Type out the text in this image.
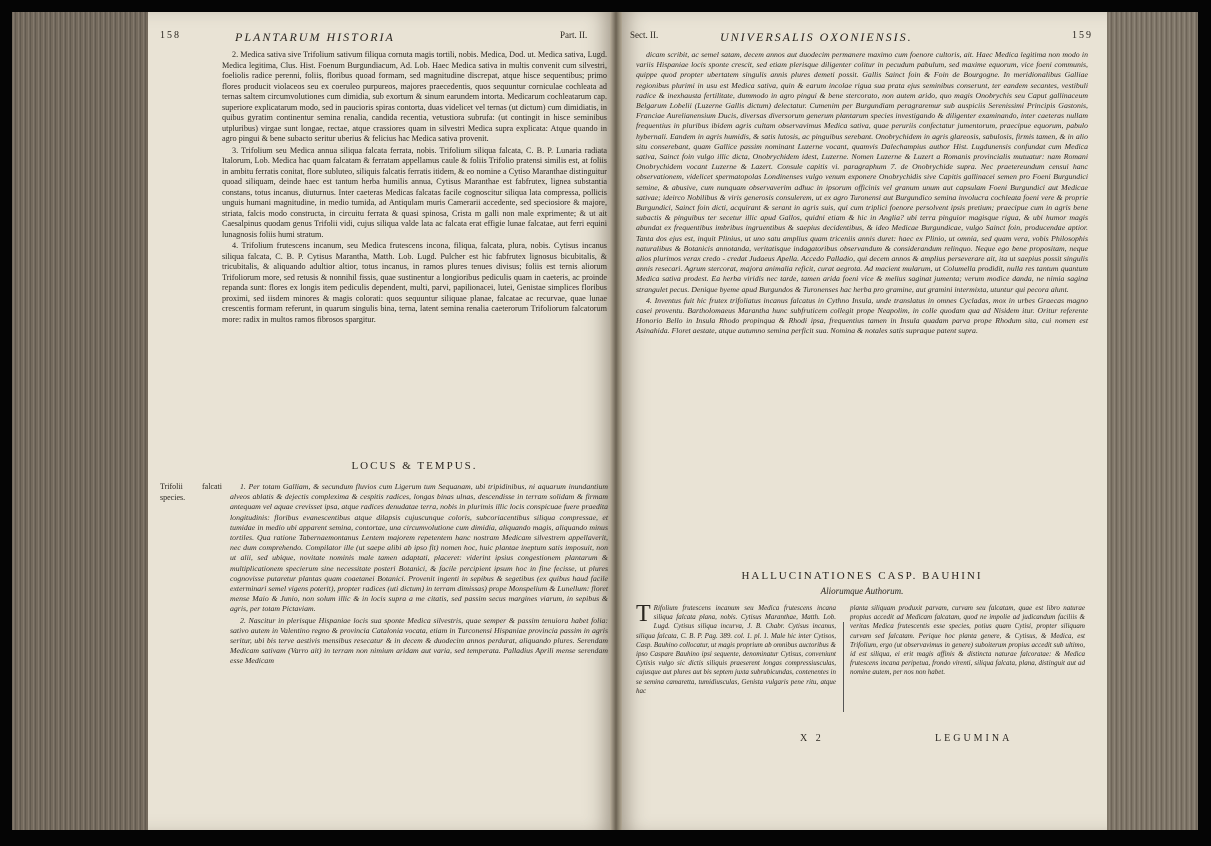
158	PLANTARUM HISTORIA	Part. II.

2. Medica sativa sive Trifolium sativum filiqua cornuta magis tortili, nobis. Medica, Dod. ut. Medica sativa, Lugd. Medica legitima, Clus. Hist. Foenum Burgundiacum, Ad. Lob. Haec Medica sativa in multis convenit cum silvestri, foeliolis radice perenni, foliis, floribus quoad formam, sed magnitudine discrepat, atque hisce sequentibus; primo flores producit violaceos seu ex coeruleo purpureos, majores praecedentis, quos sequuntur corniculae cochleata ad ternas saltem circumvolutiones cum dimidia, sub exortum & sinum earundem intorta. Medicarum cochleatarum cap. superiore explicatarum modo, sed in paucioris spiras contorta, duas videlicet vel ternas (ut dictum) cum dimidiatis, in quibus gyratim continentur semina renalia, candida recentia, vetustiora subrufa: (ut contingit in hisce seminibus utpluribus) virgae sunt longae, rectae, atque crassiores quam in silvestri Medica supra explicata: Atque quando in agro pingui & bene subacto seritur uberius & felicius hac Medica sativa provenit.

3. Trifolium seu Medica annua siliqua falcata ferrata, nobis. Trifolium siliqua falcata, C. B. P. Lunaria radiata Italorum, Lob. Medica hac quam falcatam & ferratam appellamus caule & foliis Trifolio pratensi similis est, at foliis in ambitu ferratis conitat, flore subluteo, siliquis falcatis ferratis itidem, & eo nomine a Cytiso Maranthae distinguitur quoad siliquam, deinde haec est tantum herba humilis annua, Cytisus Maranthae est fabfrutex, lignea substantia constans, totus incanus, diuturnus. Inter caeteras Medicas falcatas facile cognoscitur siliqua lata compressa, pollicis unguis humani magnitudine, in medio tumida, ad Antiqulam muris Camerarii accedente, sed speciosiore & majore, striata, falcis modo constructa, in circuitu ferrata & quasi spinosa, Crista m galli non male exprimente; & ut ait Caesalpinus quodam genus Trifolii vidi, cujus siliqua valde lata ac falcata erat effigie lunae falcatae, aut ferri equini lunagnosis foliis humi stratum.

4. Trifolium frutescens incanum, seu Medica frutescens incona, filiqua, falcata, plura, nobis. Cytisus incanus siliqua falcata, C. B. P. Cytisus Marantha, Matth. Lob. Lugd. Pulcher est hic fabfrutex lignosus bicubitalis, & tricubitalis, & aliquando adultior altior, totus incanus, in ramos plures tenues divisus; foliis est ternis aliorum Trifoliorum more, sed retusis & nonnihil fissis, quae sustinentur a longioribus pediculis quam in caeteris, ac proinde repanda sunt: flores ex longis item pediculis dependent, multi, parvi, papilionacei, lutei, Genistae simplices floribus proximi, sed iisdem minores & magis colorati: quos sequuntur siliquae planae, falcatae ac recurvae, quae lunae crescentis formam referunt, in quarum singulis bina, terna, latent semina renalia caeterorum Trifoliorum falcatorum more: radix in multos ramos fibrosos spargitur.

LOCUS & TEMPUS.
Trifolii falcati species.

1. Per totam Galliam, & secundum fluvios cum Ligerum tum Sequanam, ubi tripidinibus, ni aquarum inundantium alveos ablatis & dejectis complexima & cespitis radices, longas binas ulnas, descendisse in terram solidam & firmam antequam vel aquae crevisset ipsa, atque radices denudatae terra, nobis in plurimis illic locis conspicuae fuere praedita longitudinis: floribus evanescentibus atque dilapsis cujuscunque coloris, subcoriacentibus siliqua compressae, et tumidae in medio ubi apparent semina, contortae, una circumvolutione cum dimidia, aliquando magis, aliquando minus tortiles. Qua ratione Tabernaemontanus Lentem majorem repetentem hanc nostram Medicam silvestrem appellaverit, nec dum comprehendo. Compilator ille (ut saepe alibi ab ipso fit) nomen hoc, huic plantae ineptum satis imposuit, non ut alii, sed ubique, novitate nominis male tamen adaptati, placeret: viderint ipsius congestionem plantarum & multiplicationem specierum sine necessitate posteri Botanici, & facile percipient ipsum hoc in fine fecisse, ut plures cognovisse putaretur plantas quam coaetanei Botanici. Provenit ingenti in sepibus & segetibus (ex quibus haud facile exterminari semel vigens poterit), propter radices (uti dictum) in terram dimissas) prope Monspelium & Lunellum: floret mense Maio & Junio, non solum illic & in locis supra a me citatis, sed passim secus margines viarum, in sepibus & agris, per totam Pictaviam.

2. Nascitur in plerisque Hispaniae locis sua sponte Medica silvestris, quae semper & passim tenuiora habet folia: sativo autem in Valentino regno & provincia Catalonia vocata, etiam in Turconensi Hispaniae provincia passim in agris seritur, ubi bis terve aestivis mensibus resecatur & in decem & duodecim annos perdurat, aliquando plures. Serendam Medicam sativam (Varro ait) in terram non nimium aridam aut varia, sed temperata. Palladius Aprili mense serendam esse Medicam

Sect. II.	UNIVERSALIS OXONIENSIS.	159

dicam scribit, ac semel satam, decem annos aut duodecim permanere maximo cum foenore cultoris, ait. Haec Medica legitima non modo in variis Hispaniae locis sponte crescit, sed etiam plerisque diligenter colitur in pecudum pabulum, sed maxime equorum, vice foeni communis, quippe quod propter ubertatem singulis annis plures demeti possit. Gallis Sainct foin & Foin de Bourgogne. In meridionalibus Galliae regionibus plurimi in usu est Medica sativa, quin & earum incolae rigua sua prata ejus seminibus conserunt, ter eandem secantes, vestibuli radice & inexhausta fertilitate, dummodo in agro pingui & bene stercorato, non autem arido, quo magis Onobrychis seu Caput gallinaceum Belgarum Lobelii (Luzerne Gallis dictum) delectatur. Cumenim per Burgundiam peragraremur sub auspiciis Serenissimi Principis Gastonis, Franciae Aurelianensium Ducis, diversas diversorum generum plantarum species investigando & diligenter examinando, inter caeteras nullam frequentius in pluribus ibidem agris cultam observavimus Medica sativa, quae peruriis confectatur jumentorum, praecipue equorum, pabulo hybernali. Eandem in agris humidis, & satis lutosis, ac pinguibus serebant. Onobrychidem in agris glareosis, sabulosis, firmis tamen, & in alio situ conserebant, quam Gallice passim nominant Luzerne vocant, quamvis Dalechampius author Hist. Lugdunensis confundat cum Medica sativa, Sainct foin vulgo illic dicta, Onobrychidem idest, Luzerne. Nomen Luzerne & Luzert a Romanis provincialis mutuatur: nam Romani Onobrychidem vocant Luzerne & Lazert. Consule capitis vi. paragraphum 7. de Onobrychide supra. Nec praetereundum censui hanc observationem, videlicet spermatopolas Londinenses vulgo venum exponere Onobrychidis sive Capitis gallinacei semen pro Foeni Burgundici semine, & abusive, cum nunquam observaverim adhuc in ipsorum officinis vel granum unum aut capsulam Foeni Burgundici aut Medicae sativae; ideirco Nobilibus & viris generosis consulerem, ut ex agro Turonensi aut Burgundico semina involucra cochleata foeni vere & proprie Burgundici, Sainct foin dicti, acquirant & serant in agris suis, qui cum triplici foenore persolvent ipsis pretium; praecipue cum in agris bene subactis & pinguibus ter secetur illic apud Gallos, quidni etiam & hic in Anglia? ubi terra pinguior magisque rigua, & ubi humor magis abundat ex frequentibus imbribus ingruentibus & saepius decidentibus, & ideo Medicae Burgundicae, vulgo Sainct foin, producendae aptior. Tanta dos ejus est, inquit Plinius, ut uno satu amplius quam triceniis annis duret: haec ex Plinio, ut omnia, sed quam vera, vobis Philosophis naturalibus & Botanicis annotanda, veritatisque indagatoribus observandum & considerandum relinquo. Neque ego bene propositam, neque alios plurimos verax credo - credat Judaeus Apella. Accedo Palladio, qui decem annos & amplius perseverare ait, ita ut saepius possit singulis annis resecari. Agrum stercorat, majora animalia reficit, curat aegrota. Ad macient mularum, ut Columella prodidit, nulla res tantum quantum Medica sativa prodest. Ea herba viridis nec tarde, tamen arida foeni vice & melius saginat jumenta; verum modice danda, ne nimia sagina strangulet pecus. Denique byeme apud Burgundos & Turonenses hac herba pro gramine, aut gramini intermixta, utuntur qui pecora alunt.

4. Inventus fuit hic frutex trifoliatus incanus falcatus in Cythno Insula, unde translatus in omnes Cycladas, mox in urbes Graecas magno casei proventu. Bartholomaeus Marantha hunc subfruticem collegit prope Neapolim, in colle quodam qua ad Nisidem itur. Oritur referente Honorio Bello in Insula Rhodo propinqua & Rhodi ipsa, frequentius tamen in Insula quadam parva prope Rhodum sita, cui nomen est Asinahida. Floret aestate, atque autumno semina perficit sua. Nomina & notales satis supraque patent supra.

HALLUCINATIONES CASP. BAUHINI
Aliorumque Authorum.
T Rifolium frutescens incanum seu Medica frutescens incana siliqua falcata plana, nobis. Cytisus Maranthae, Matth. Lob. Lugd. Cytisus siliqua incurva, J. B. Chabr. Cytisus incanus, siliqua falcata, C. B. P. Pag. 389. col. 1. pl. 1. Male hic inter Cytisos, Casp. Bauhino collocatur, ut magis proprium ab omnibus auctoribus & ipso Caspare Bauhino ipsi sequente, denominatur Cytisus, conveniunt Cytisis vulgo sic dictis siliquis praeserent longas compressiusculas, cujusque aut plures aut bis septem juxta subrubicundas, contenentes in se semina camaretta, tumidiusculas, Genista vulgaris pene ritu, atque hac
planta siliquam produxit parvam, curvam seu falcatam, quae est libro naturae propius accedit ad Medicam falcatam, quod ne impolie ad judicandum faciliis & veritas Medica frutescentis esse species, potius quam Cytisi, propter siliquam curvam sed falcatam. Perique hoc planta genere, & Cytisus, & Medica, est Trifolium, ergo (ut observavimus in genere) suboiterum propius accedit sub ultimo, id est siliqua, ei erit magis affinis & distincta naturae falcoratae: & Medica frutescens incana peripetua, frondo virenti, siliqua falcata, plana, distinguit aut ad nomine autem, per nos non habet.
X 2	LEGUMINA
